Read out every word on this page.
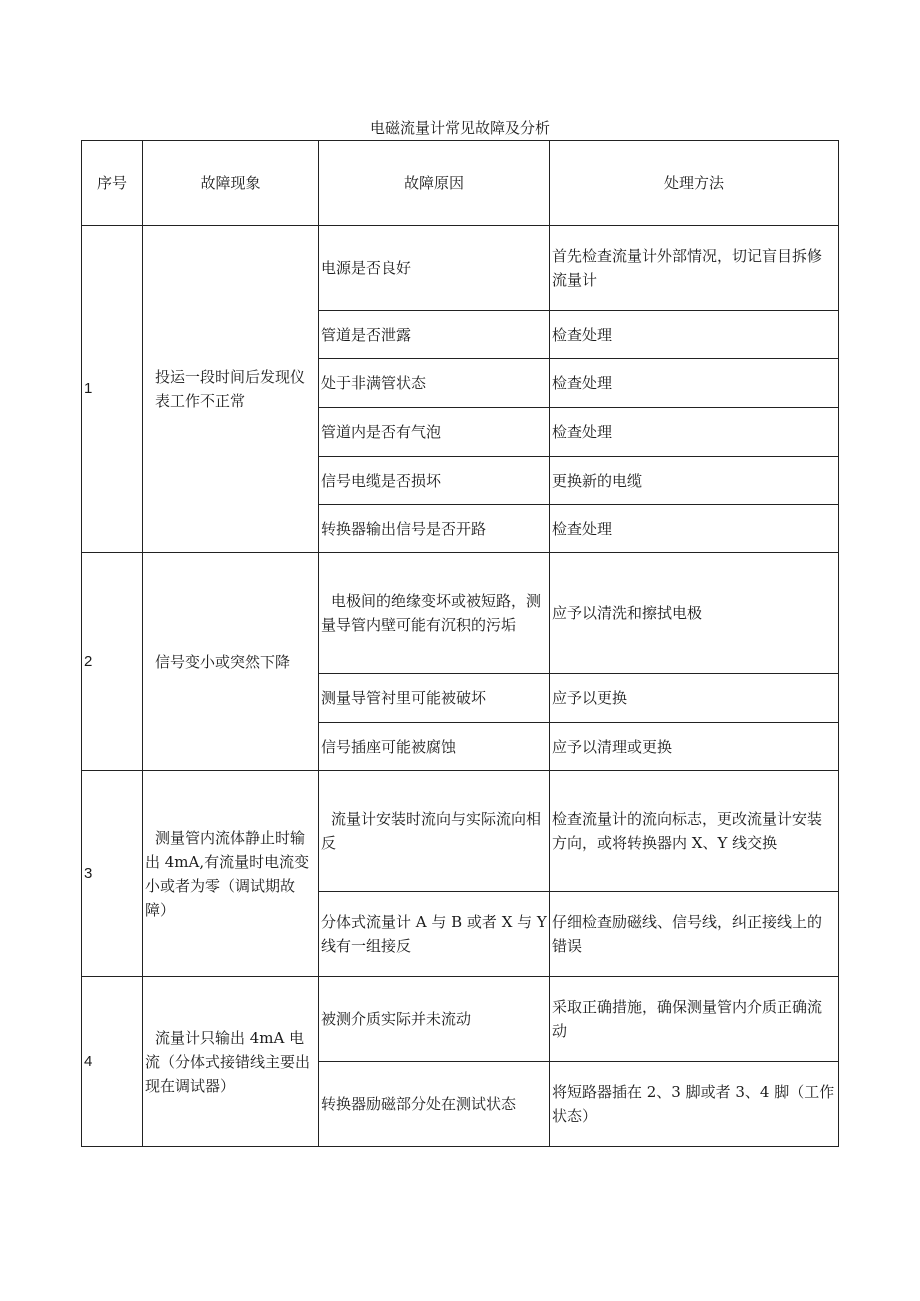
电磁流量计常见故障及分析
序号	故障现象	故障原因	处理方法
1	投运一段时间后发现仪表工作不正常	电源是否良好	首先检查流量计外部情况，切记盲目拆修流量计
		管道是否泄露	检查处理
		处于非满管状态	检查处理
		管道内是否有气泡	检查处理
		信号电缆是否损坏	更换新的电缆
		转换器输出信号是否开路	检查处理
2	信号变小或突然下降	电极间的绝缘变坏或被短路，测量导管内壁可能有沉积的污垢	应予以清洗和擦拭电极
		测量导管衬里可能被破坏	应予以更换
		信号插座可能被腐蚀	应予以清理或更换
3	测量管内流体静止时输出 4mA,有流量时电流变小或者为零（调试期故障）	流量计安装时流向与实际流向相反	检查流量计的流向标志，更改流量计安装方向，或将转换器内 X、Y 线交换
		分体式流量计 A 与 B 或者 X 与 Y 线有一组接反	仔细检查励磁线、信号线，纠正接线上的错误
4	流量计只输出 4mA 电流（分体式接错线主要出现在调试器）	被测介质实际并未流动	采取正确措施，确保测量管内介质正确流动
		转换器励磁部分处在测试状态	将短路器插在 2、3 脚或者 3、4 脚（工作状态）
